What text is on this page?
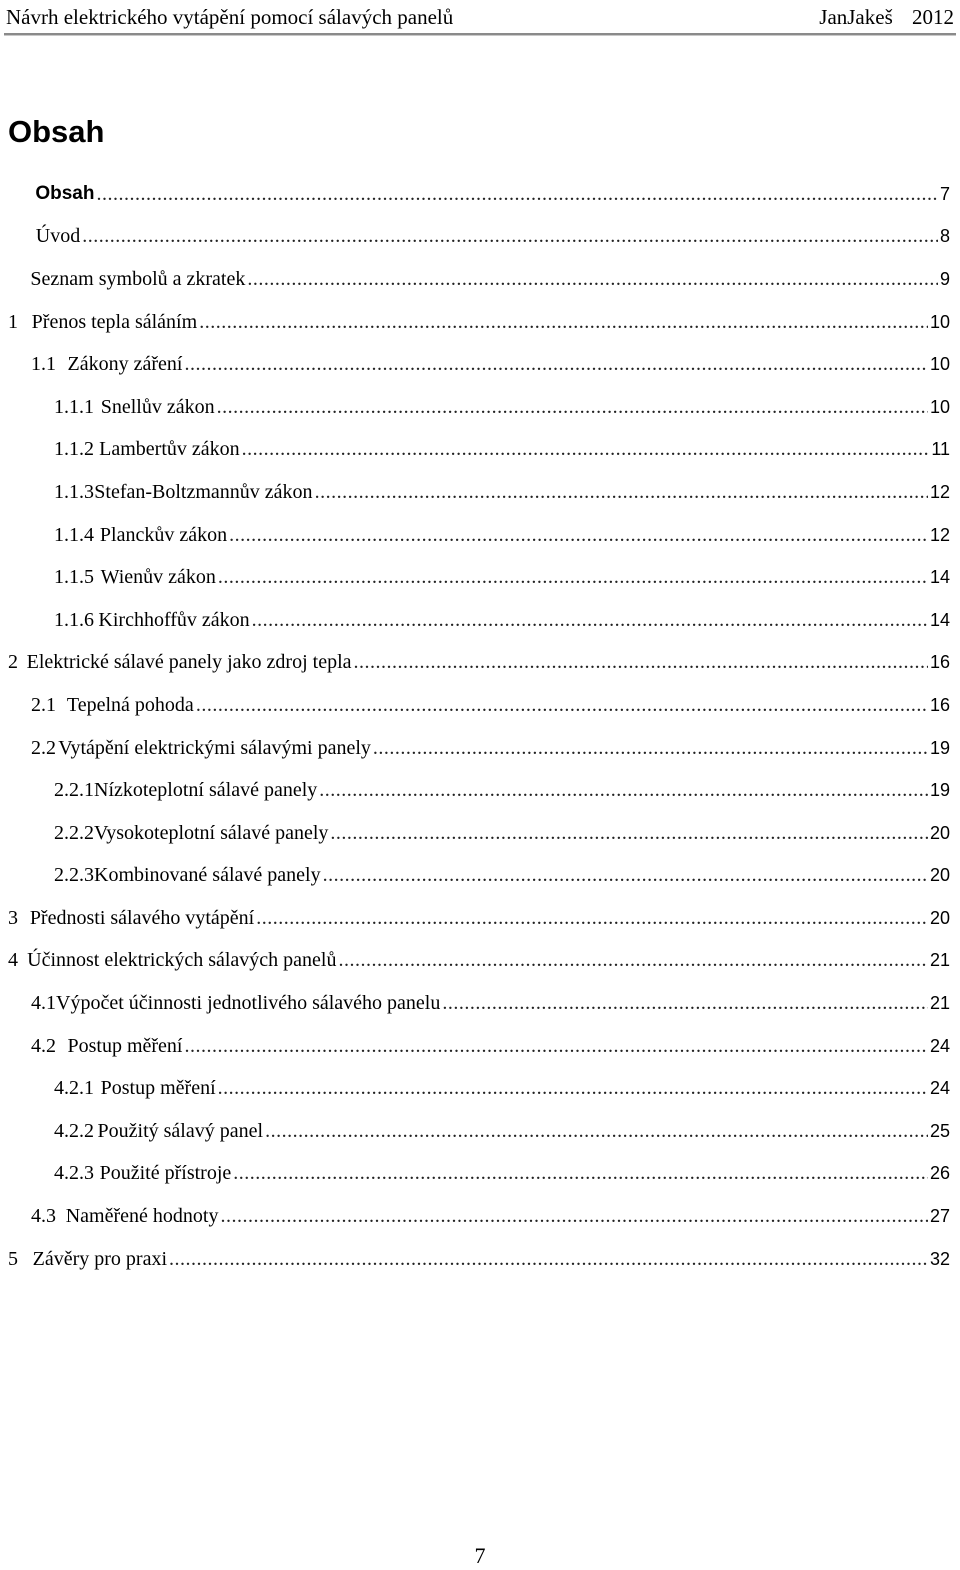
Návrh elektrického vytápění pomocí sálavých panelů	JanJakeš 2012
Obsah
Obsah .....	7
Úvod .....	8
Seznam symbolů a zkratek .....	9
1 Přenos tepla sáláním .....	10
1.1 Zákony záření .....	10
1.1.1 Snellův zákon .....	10
1.1.2 Lambertův zákon .....	11
1.1.3 Stefan-Boltzmannův zákon .....	12
1.1.4 Planckův zákon .....	12
1.1.5 Wienův zákon .....	14
1.1.6 Kirchhoffův zákon .....	14
2 Elektrické sálavé panely jako zdroj tepla .....	16
2.1 Tepelná pohoda .....	16
2.2 Vytápění elektrickými sálavými panely .....	19
2.2.1 Nízkoteplotní sálavé panely .....	19
2.2.2 Vysokoteplotní sálavé panely .....	20
2.2.3 Kombinované sálavé panely .....	20
3 Přednosti sálavého vytápění .....	20
4 Účinnost elektrických sálavých panelů .....	21
4.1 Výpočet účinnosti jednotlivého sálavého panelu .....	21
4.2 Postup měření .....	24
4.2.1 Postup měření .....	24
4.2.2 Použitý sálavý panel .....	25
4.2.3 Použité přístroje .....	26
4.3 Naměřené hodnoty .....	27
5 Závěry pro praxi .....	32
7
